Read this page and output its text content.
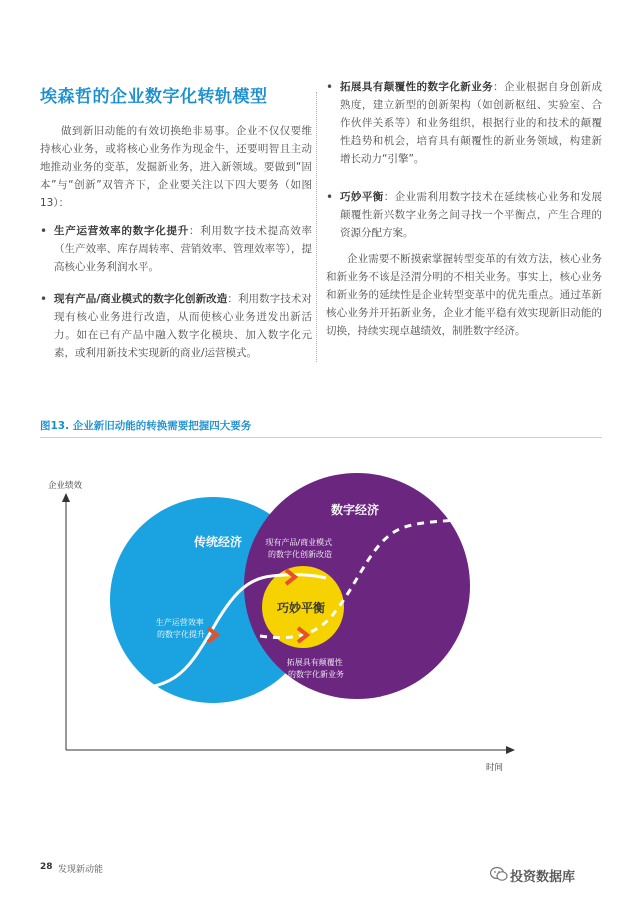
埃森哲的企业数字化转轨模型
做到新旧动能的有效切换绝非易事。企业不仅仅要维持核心业务，或将核心业务作为现金牛，还要明智且主动地推动业务的变革，发掘新业务，进入新领域。要做到“固本”与“创新”双管齐下，企业要关注以下四大要务（如图13）：
• 生产运营效率的数字化提升：利用数字技术提高效率（生产效率、库存周转率、营销效率、管理效率等），提高核心业务利润水平。
• 现有产品/商业模式的数字化创新改造：利用数字技术对现有核心业务进行改造，从而使核心业务迸发出新活力。如在已有产品中融入数字化模块、加入数字化元素，或利用新技术实现新的商业/运营模式。
• 拓展具有颠覆性的数字化新业务：企业根据自身创新成熟度，建立新型的创新架构（如创新枢纽、实验室、合作伙伴关系等）和业务组织，根据行业的和技术的颠覆性趋势和机会，培育具有颠覆性的新业务领域，构建新增长动力“引擎”。
• 巧妙平衡：企业需利用数字技术在延续核心业务和发展颠覆性新兴数字业务之间寻找一个平衡点，产生合理的资源分配方案。
企业需要不断摸索掌握转型变革的有效方法，核心业务和新业务不该是泾渭分明的不相关业务。事实上，核心业务和新业务的延续性是企业转型变革中的优先重点。通过革新核心业务并开拓新业务，企业才能平稳有效实现新旧动能的切换，持续实现卓越绩效，制胜数字经济。
图13. 企业新旧动能的转换需要把握四大要务
企业绩效
时间
传统经济
数字经济
巧妙平衡
生产运营效率 的数字化提升
现有产品/商业模式 的数字化创新改造
拓展具有颠覆性 的数字化新业务
28 发现新动能	投资数据库
